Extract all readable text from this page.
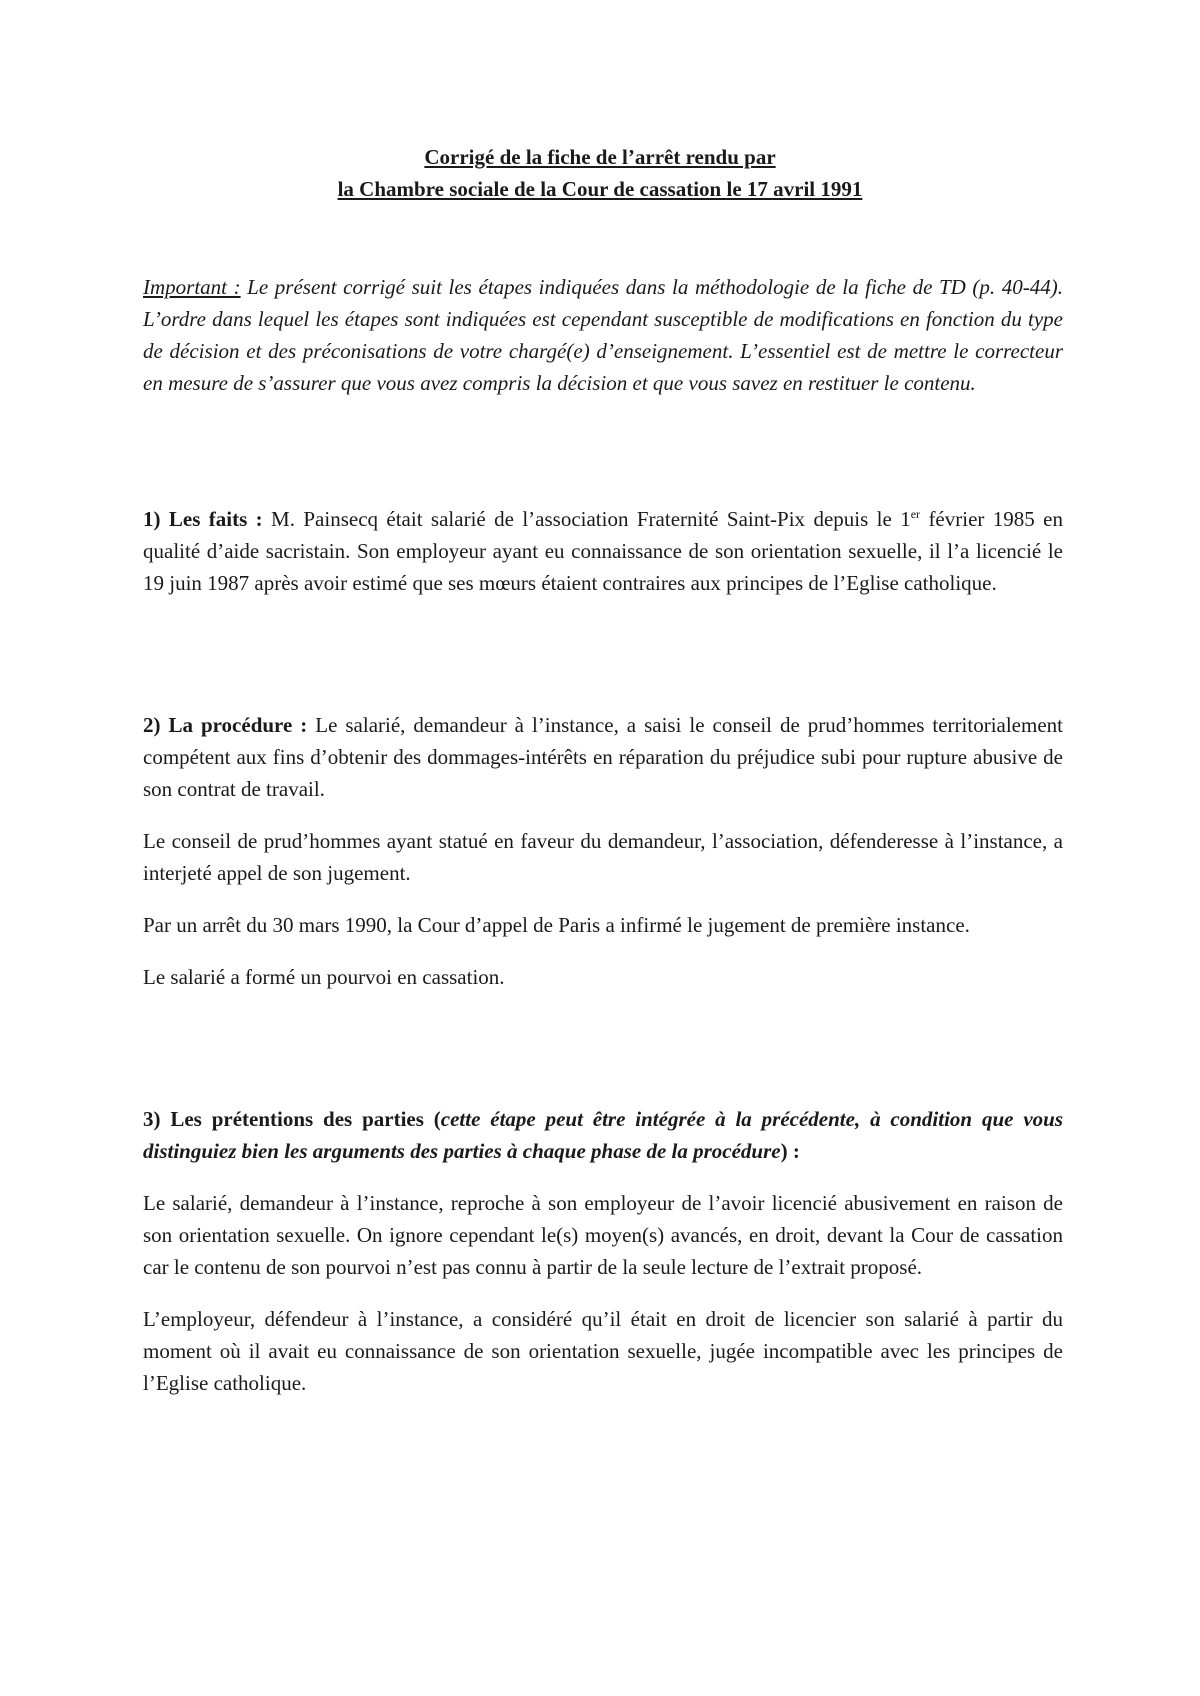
Corrigé de la fiche de l’arrêt rendu par
la Chambre sociale de la Cour de cassation le 17 avril 1991

Important : Le présent corrigé suit les étapes indiquées dans la méthodologie de la fiche de TD (p. 40-44). L’ordre dans lequel les étapes sont indiquées est cependant susceptible de modifications en fonction du type de décision et des préconisations de votre chargé(e) d’enseignement. L’essentiel est de mettre le correcteur en mesure de s’assurer que vous avez compris la décision et que vous savez en restituer le contenu.

1) Les faits : M. Painsecq était salarié de l’association Fraternité Saint-Pix depuis le 1er février 1985 en qualité d’aide sacristain. Son employeur ayant eu connaissance de son orientation sexuelle, il l’a licencié le 19 juin 1987 après avoir estimé que ses mœurs étaient contraires aux principes de l’Eglise catholique.

2) La procédure : Le salarié, demandeur à l’instance, a saisi le conseil de prud’hommes territorialement compétent aux fins d’obtenir des dommages-intérêts en réparation du préjudice subi pour rupture abusive de son contrat de travail.

Le conseil de prud’hommes ayant statué en faveur du demandeur, l’association, défenderesse à l’instance, a interjeté appel de son jugement.

Par un arrêt du 30 mars 1990, la Cour d’appel de Paris a infirmé le jugement de première instance.

Le salarié a formé un pourvoi en cassation.

3) Les prétentions des parties (cette étape peut être intégrée à la précédente, à condition que vous distinguiez bien les arguments des parties à chaque phase de la procédure) :

Le salarié, demandeur à l’instance, reproche à son employeur de l’avoir licencié abusivement en raison de son orientation sexuelle. On ignore cependant le(s) moyen(s) avancés, en droit, devant la Cour de cassation car le contenu de son pourvoi n’est pas connu à partir de la seule lecture de l’extrait proposé.

L’employeur, défendeur à l’instance, a considéré qu’il était en droit de licencier son salarié à partir du moment où il avait eu connaissance de son orientation sexuelle, jugée incompatible avec les principes de l’Eglise catholique.
